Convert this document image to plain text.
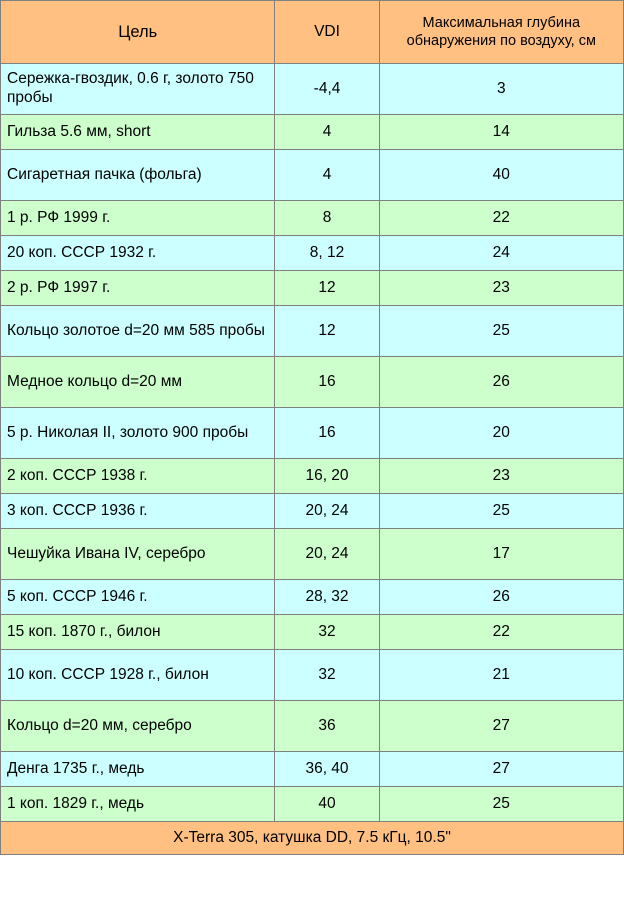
Цель	VDI	Максимальная глубина обнаружения по воздуху, см
Сережка-гвоздик, 0.6 г, золото 750 пробы	-4,4	3
Гильза 5.6 мм, short	4	14
Сигаретная пачка (фольга)	4	40
1 р. РФ 1999 г.	8	22
20 коп. СССР 1932 г.	8, 12	24
2 р. РФ 1997 г.	12	23
Кольцо золотое d=20 мм 585 пробы	12	25
Медное кольцо d=20 мм	16	26
5 р. Николая II, золото 900 пробы	16	20
2 коп. СССР 1938 г.	16, 20	23
3 коп. СССР 1936 г.	20, 24	25
Чешуйка Ивана IV, серебро	20, 24	17
5 коп. СССР 1946 г.	28, 32	26
15 коп. 1870 г., билон	32	22
10 коп. СССР 1928 г., билон	32	21
Кольцо d=20 мм, серебро	36	27
Денга 1735 г., медь	36, 40	27
1 коп. 1829 г., медь	40	25
X-Terra 305, катушка DD, 7.5 кГц, 10.5"		
